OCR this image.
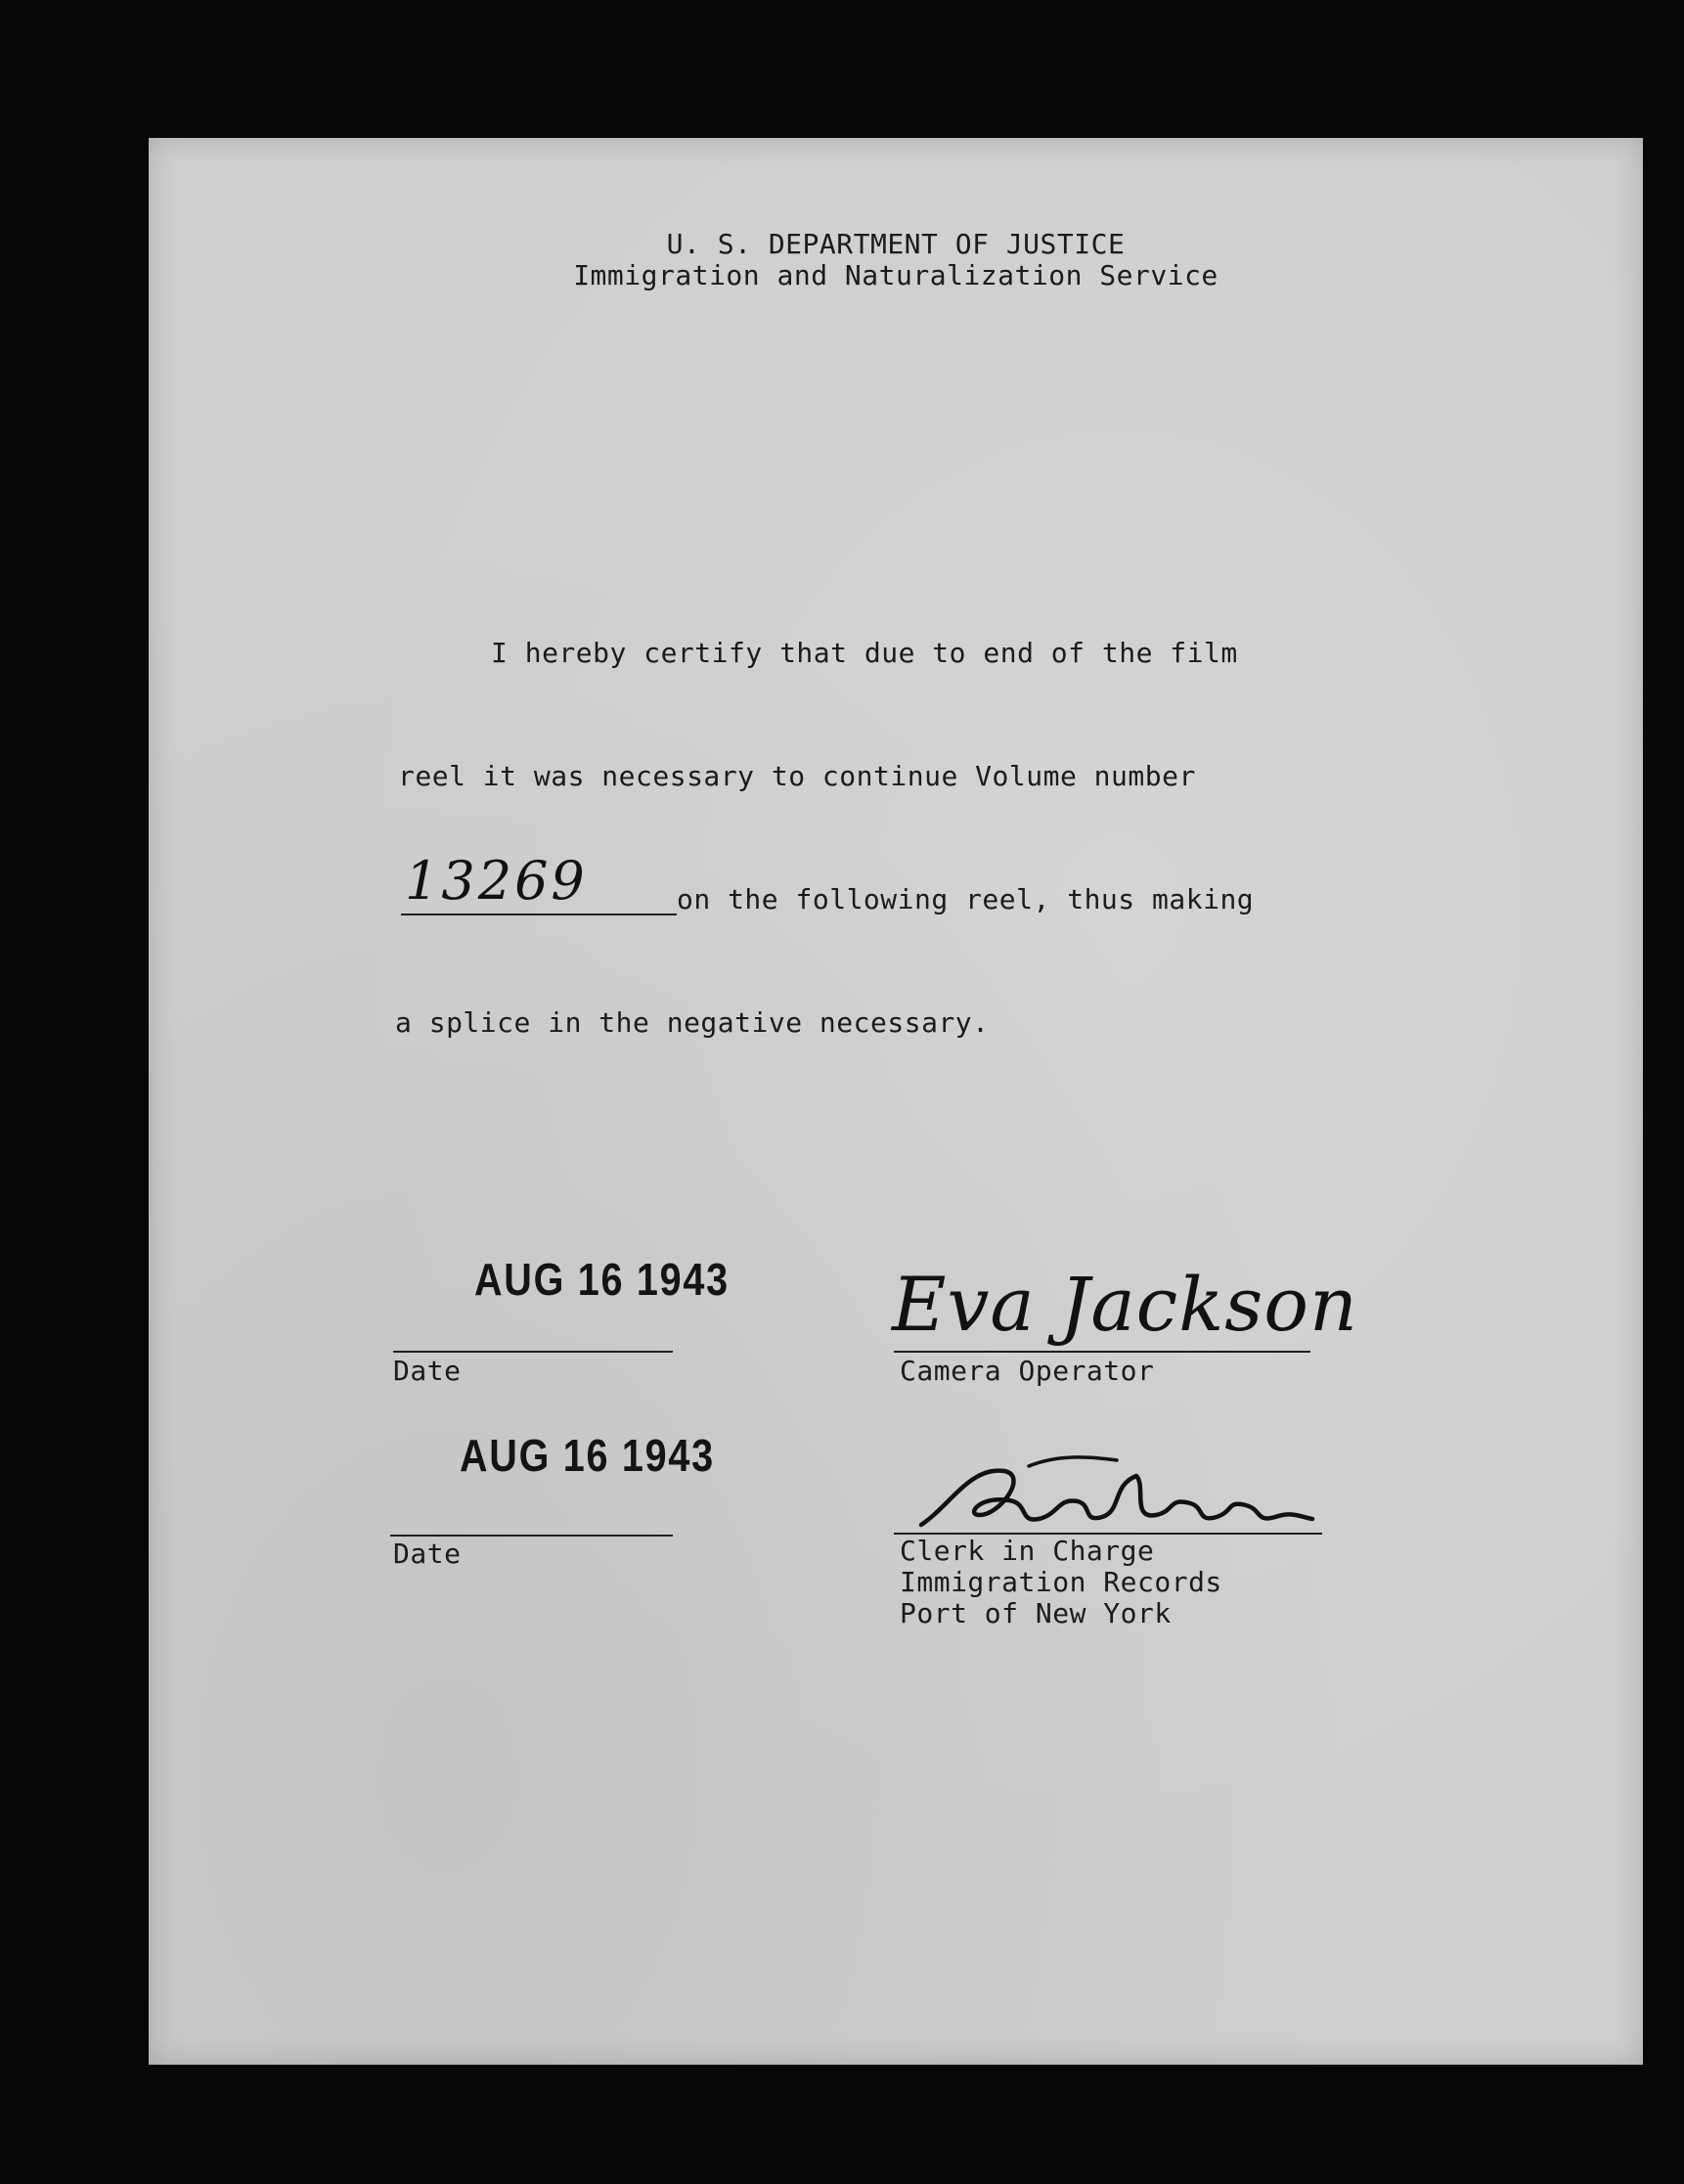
U. S. DEPARTMENT OF JUSTICE
Immigration and Naturalization Service
I hereby certify that due to end of the film
reel it was necessary to continue Volume number
13269	on the following reel, thus making
a splice in the negative necessary.
AUG 16 1943
Date
AUG 16 1943
Date
Eva Jackson
Camera Operator
Clerk in Charge
Immigration Records
Port of New York
